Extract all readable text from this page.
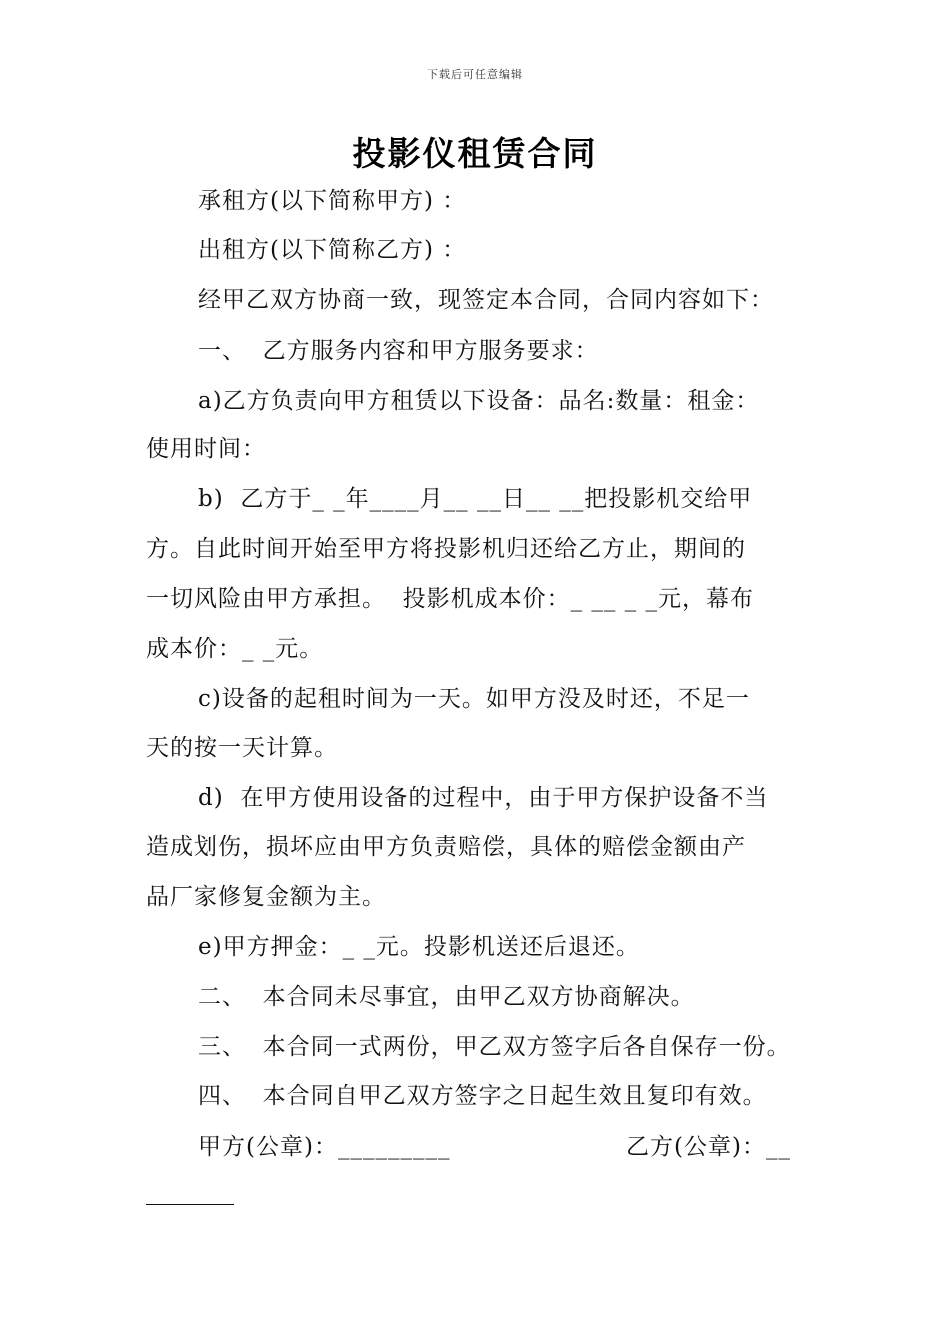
下载后可任意编辑
投影仪租赁合同
承租方(以下简称甲方) ：
出租方(以下简称乙方) ：
经甲乙双方协商一致，现签定本合同，合同内容如下：
一、  乙方服务内容和甲方服务要求：
a)乙方负责向甲方租赁以下设备：品名:数量：租金：
使用时间：
b)  乙方于_ _年____月__ __日__ __把投影机交给甲
方。自此时间开始至甲方将投影机归还给乙方止，期间的
一切风险由甲方承担。  投影机成本价：_ __ _ _元，幕布
成本价：_ _元。
c)设备的起租时间为一天。如甲方没及时还，不足一
天的按一天计算。
d)  在甲方使用设备的过程中，由于甲方保护设备不当
造成划伤，损坏应由甲方负责赔偿，具体的赔偿金额由产
品厂家修复金额为主。
e)甲方押金：_ _元。投影机送还后退还。
二、  本合同未尽事宜，由甲乙双方协商解决。
三、  本合同一式两份，甲乙双方签字后各自保存一份。
四、  本合同自甲乙双方签字之日起生效且复印有效。
甲方(公章)：_________	乙方(公章)：__
